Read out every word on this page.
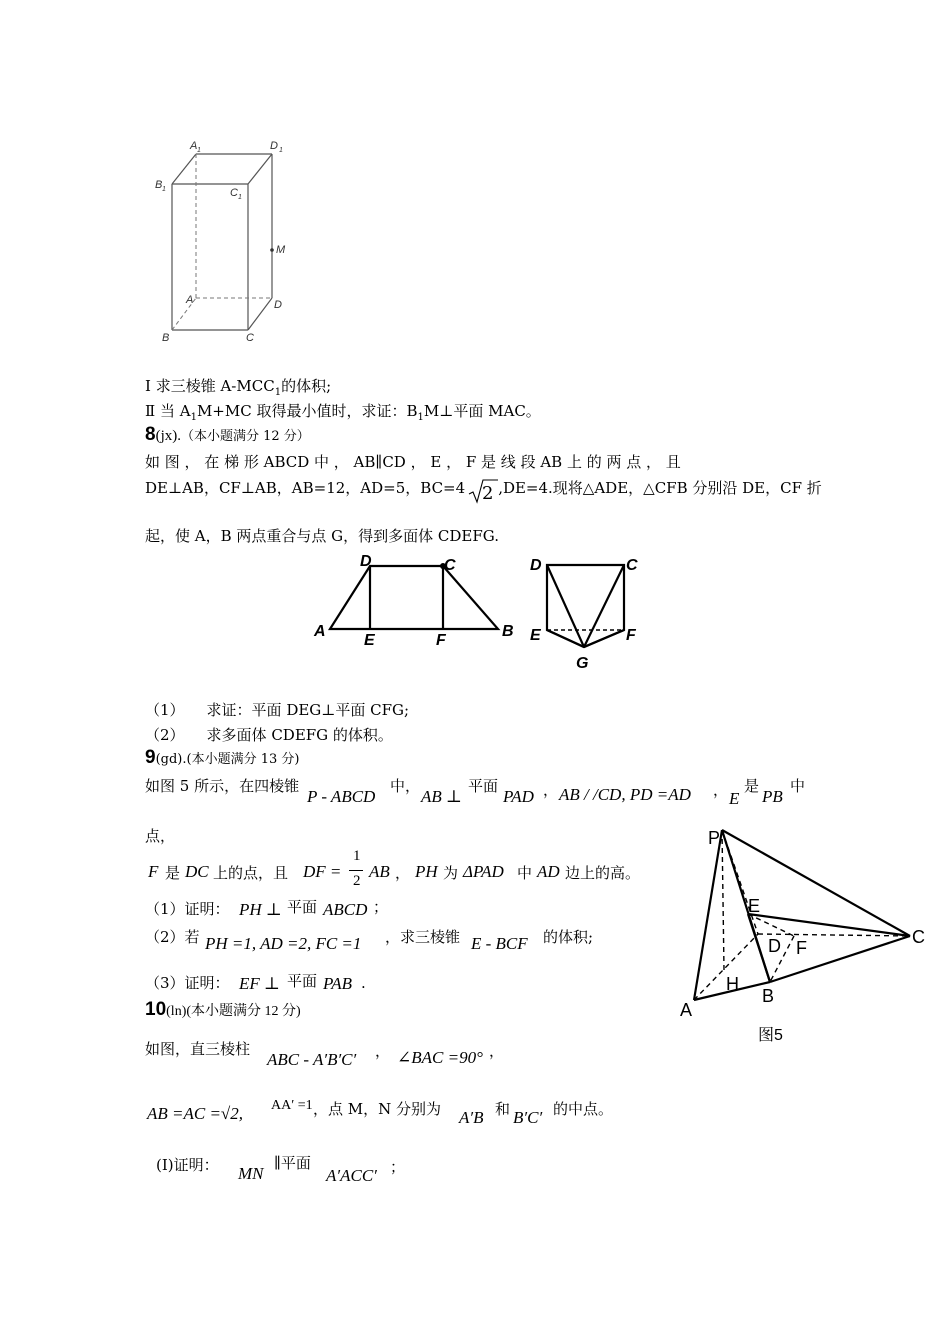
A 1	D 1
B 1	C 1
M
A	D
B	C
Ⅰ 求三棱锥 $A-MCC_1$的体积;
Ⅱ 当 $A_1M+MC$ 取得最小值时，求证：$B_1M\perp$平面 MAC。
8(jx).（本小题满分 12 分）
如 图 ， 在 梯 形 ABCD 中 ， AB∥CD ， E ， F 是 线 段 AB 上 的 两 点 ， 且
DE⊥AB，CF⊥AB，AB=12，AD=5，BC=4 2 ,DE=4.现将△ADE，△CFB 分别沿 DE，CF 折
起，使 A，B 两点重合与点 G，得到多面体 CDEFG.
A
D	C
B
E	F
D	C
E	F
G
（1） 求证：平面 DEG⊥平面 CFG;
（2） 求多面体 CDEFG 的体积。
9(gd).(本小题满分 13 分)
如图 5 所示，在四棱锥
P - ABCD
中，
AB ⊥
平面
PAD ， AB / /CD, PD =AD ， E
是
PB
中
点，
F 是 DC 上的点，且 DF =
1
2 AB ， PH 为 ΔPAD 中 AD 边上的高。
（1）证明： PH ⊥ 平面 ABCD ；
（2）若 PH =1, AD =2, FC =1 ，求三棱锥 E - BCF 的体积;
（3）证明： EF ⊥ 平面 PAB .
P
E
D F
C
H
A
B
图5
10(ln)(本小题满分 12 分)
如图，直三棱柱
ABC - A′B′C′ ， ∠BAC =90° ，
AB =AC =√2, AA′ =1 ，点 M，N 分别为 A′B 和 B′C′ 的中点。
(Ⅰ)证明： MN
∥平面
A′ACC′ ；
